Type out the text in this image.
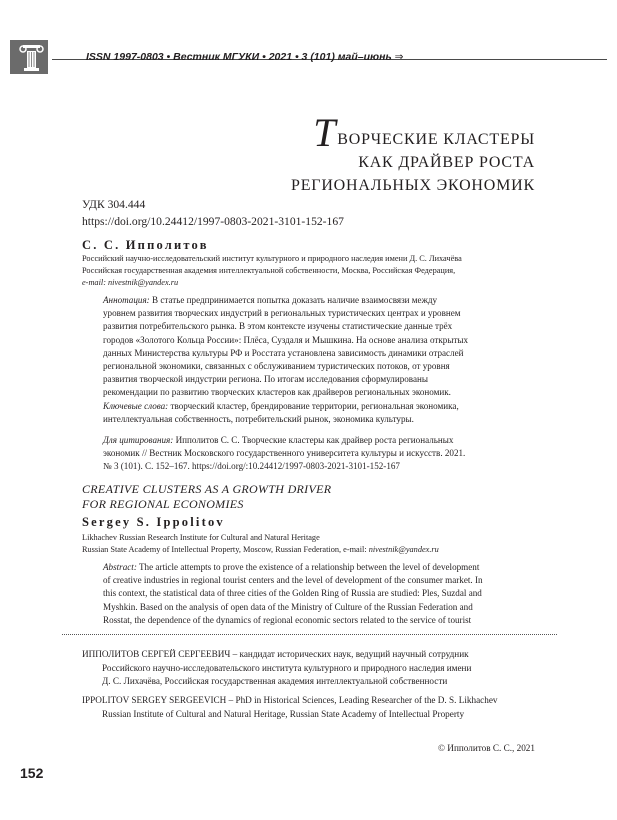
ISSN 1997-0803 • Вестник МГУКИ • 2021 • 3 (101) май–июнь ⇒
ТВОРЧЕСКИЕ КЛАСТЕРЫ
КАК ДРАЙВЕР РОСТА
РЕГИОНАЛЬНЫХ ЭКОНОМИК
УДК 304.444
https://doi.org/10.24412/1997-0803-2021-3101-152-167
С. С. Ипполитов
Российский научно-исследовательский институт культурного и природного наследия имени Д. С. Лихачёва
Российская государственная академия интеллектуальной собственности, Москва, Российская Федерация,
e-mail: nivestnik@yandex.ru
Аннотация: В статье предпринимается попытка доказать наличие взаимосвязи между
уровнем развития творческих индустрий в региональных туристических центрах и уровнем
развития потребительского рынка. В этом контексте изучены статистические данные трёх
городов «Золотого Кольца России»: Плёса, Суздаля и Мышкина. На основе анализа открытых
данных Министерства культуры РФ и Росстата установлена зависимость динамики отраслей
региональной экономики, связанных с обслуживанием туристических потоков, от уровня
развития творческой индустрии региона. По итогам исследования сформулированы
рекомендации по развитию творческих кластеров как драйверов региональных экономик.
Ключевые слова: творческий кластер, брендирование территории, региональная экономика,
интеллектуальная собственность, потребительский рынок, экономика культуры.
Для цитирования: Ипполитов С. С. Творческие кластеры как драйвер роста региональных
экономик // Вестник Московского государственного университета культуры и искусств. 2021.
№ 3 (101). С. 152–167. https://doi.org/:10.24412/1997-0803-2021-3101-152-167
CREATIVE CLUSTERS AS A GROWTH DRIVER
FOR REGIONAL ECONOMIES
Sergey S. Ippolitov
Likhachev Russian Research Institute for Cultural and Natural Heritage
Russian State Academy of Intellectual Property, Moscow, Russian Federation, e-mail: nivestnik@yandex.ru
Abstract: The article attempts to prove the existence of a relationship between the level of development
of creative industries in regional tourist centers and the level of development of the consumer market. In
this context, the statistical data of three cities of the Golden Ring of Russia are studied: Ples, Suzdal and
Myshkin. Based on the analysis of open data of the Ministry of Culture of the Russian Federation and
Rosstat, the dependence of the dynamics of regional economic sectors related to the service of tourist
ИППОЛИТОВ СЕРГЕЙ СЕРГЕЕВИЧ – кандидат исторических наук, ведущий научный сотрудник
Российского научно-исследовательского института культурного и природного наследия имени
Д. С. Лихачёва, Российская государственная академия интеллектуальной собственности
IPPOLITOV SERGEY SERGEEVICH – PhD in Historical Sciences, Leading Researcher of the D. S. Likhachev
Russian Institute of Cultural and Natural Heritage, Russian State Academy of Intellectual Property
© Ипполитов С. С., 2021
152
